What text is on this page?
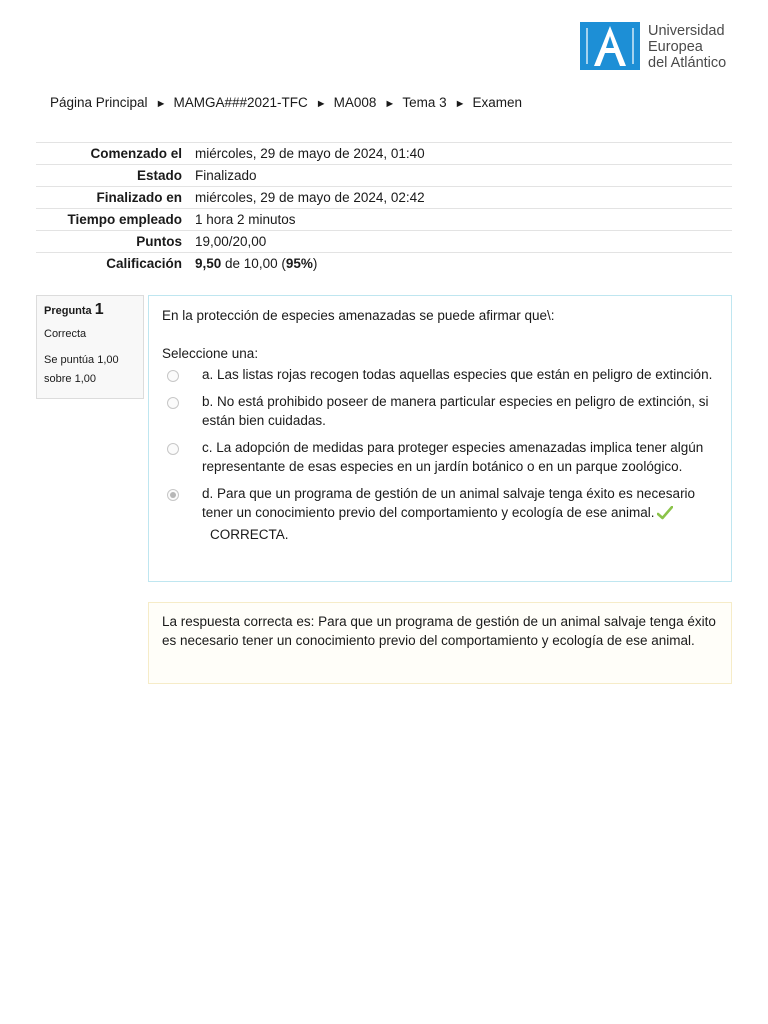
Universidad
Europea
del Atlántico
Página Principal ► MAMGA###2021-TFC ► MA008 ► Tema 3 ► Examen
Comenzado el	miércoles, 29 de mayo de 2024, 01:40
Estado	Finalizado
Finalizado en	miércoles, 29 de mayo de 2024, 02:42
Tiempo empleado	1 hora 2 minutos
Puntos	19,00/20,00
Calificación	9,50 de 10,00 (95%)
Pregunta 1
Correcta
Se puntúa 1,00 sobre 1,00
En la protección de especies amenazadas se puede afirmar que\:
Seleccione una:
a. Las listas rojas recogen todas aquellas especies que están en peligro de extinción.
b. No está prohibido poseer de manera particular especies en peligro de extinción, si están bien cuidadas.
c. La adopción de medidas para proteger especies amenazadas implica tener algún representante de esas especies en un jardín botánico o en un parque zoológico.
d. Para que un programa de gestión de un animal salvaje tenga éxito es necesario tener un conocimiento previo del comportamiento y ecología de ese animal.
CORRECTA.
La respuesta correcta es: Para que un programa de gestión de un animal salvaje tenga éxito es necesario tener un conocimiento previo del comportamiento y ecología de ese animal.
